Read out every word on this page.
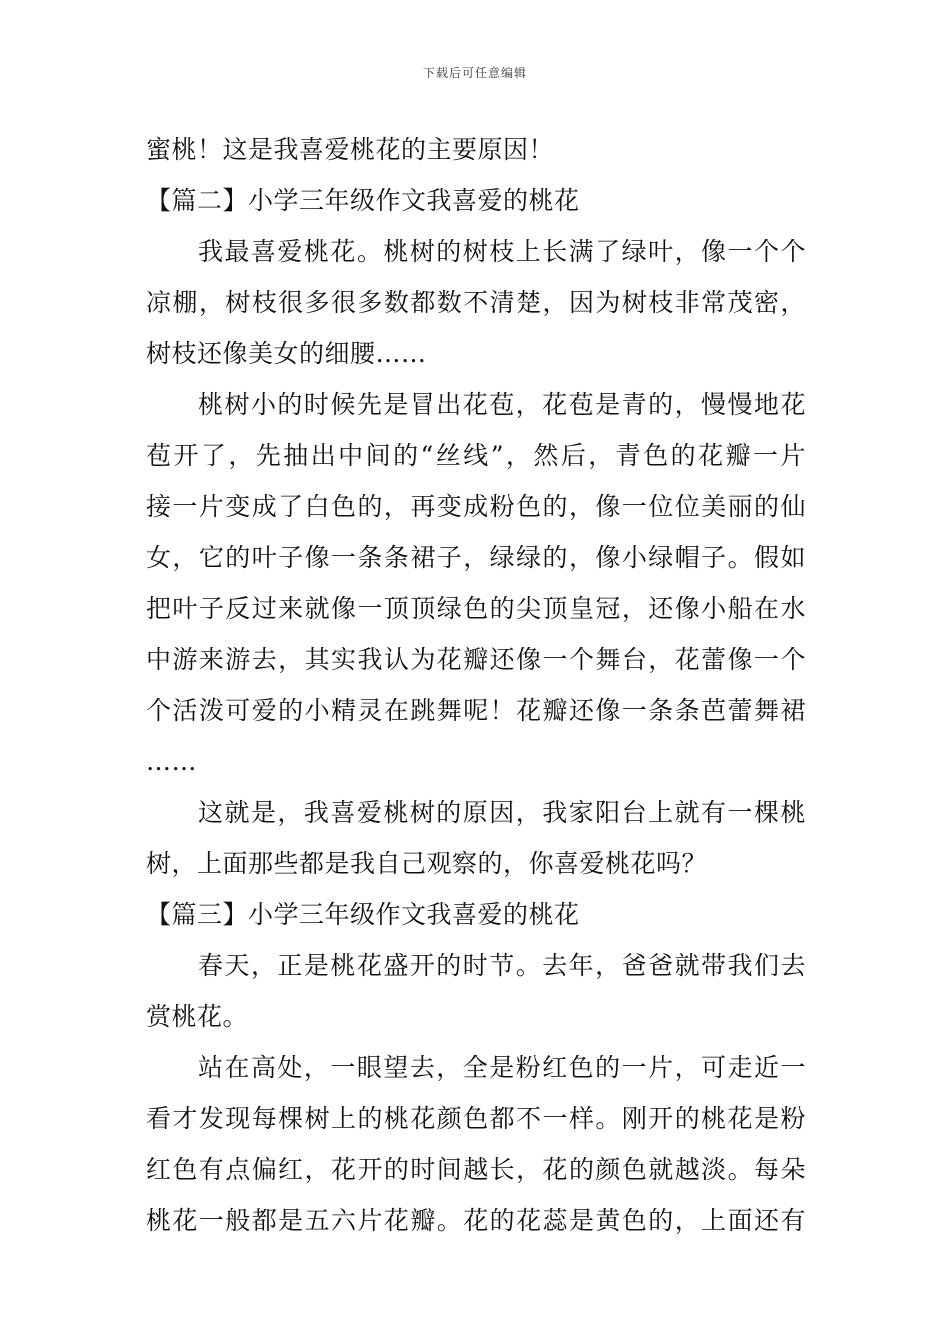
下载后可任意编辑
蜜桃！这是我喜爱桃花的主要原因！
【篇二】小学三年级作文我喜爱的桃花
我最喜爱桃花。桃树的树枝上长满了绿叶，像一个个
凉棚，树枝很多很多数都数不清楚，因为树枝非常茂密，
树枝还像美女的细腰……
桃树小的时候先是冒出花苞，花苞是青的，慢慢地花
苞开了，先抽出中间的“丝线”，然后，青色的花瓣一片
接一片变成了白色的，再变成粉色的，像一位位美丽的仙
女，它的叶子像一条条裙子，绿绿的，像小绿帽子。假如
把叶子反过来就像一顶顶绿色的尖顶皇冠，还像小船在水
中游来游去，其实我认为花瓣还像一个舞台，花蕾像一个
个活泼可爱的小精灵在跳舞呢！花瓣还像一条条芭蕾舞裙
……
这就是，我喜爱桃树的原因，我家阳台上就有一棵桃
树，上面那些都是我自己观察的，你喜爱桃花吗？
【篇三】小学三年级作文我喜爱的桃花
春天，正是桃花盛开的时节。去年，爸爸就带我们去
赏桃花。
站在高处，一眼望去，全是粉红色的一片，可走近一
看才发现每棵树上的桃花颜色都不一样。刚开的桃花是粉
红色有点偏红，花开的时间越长，花的颜色就越淡。每朵
桃花一般都是五六片花瓣。花的花蕊是黄色的，上面还有
